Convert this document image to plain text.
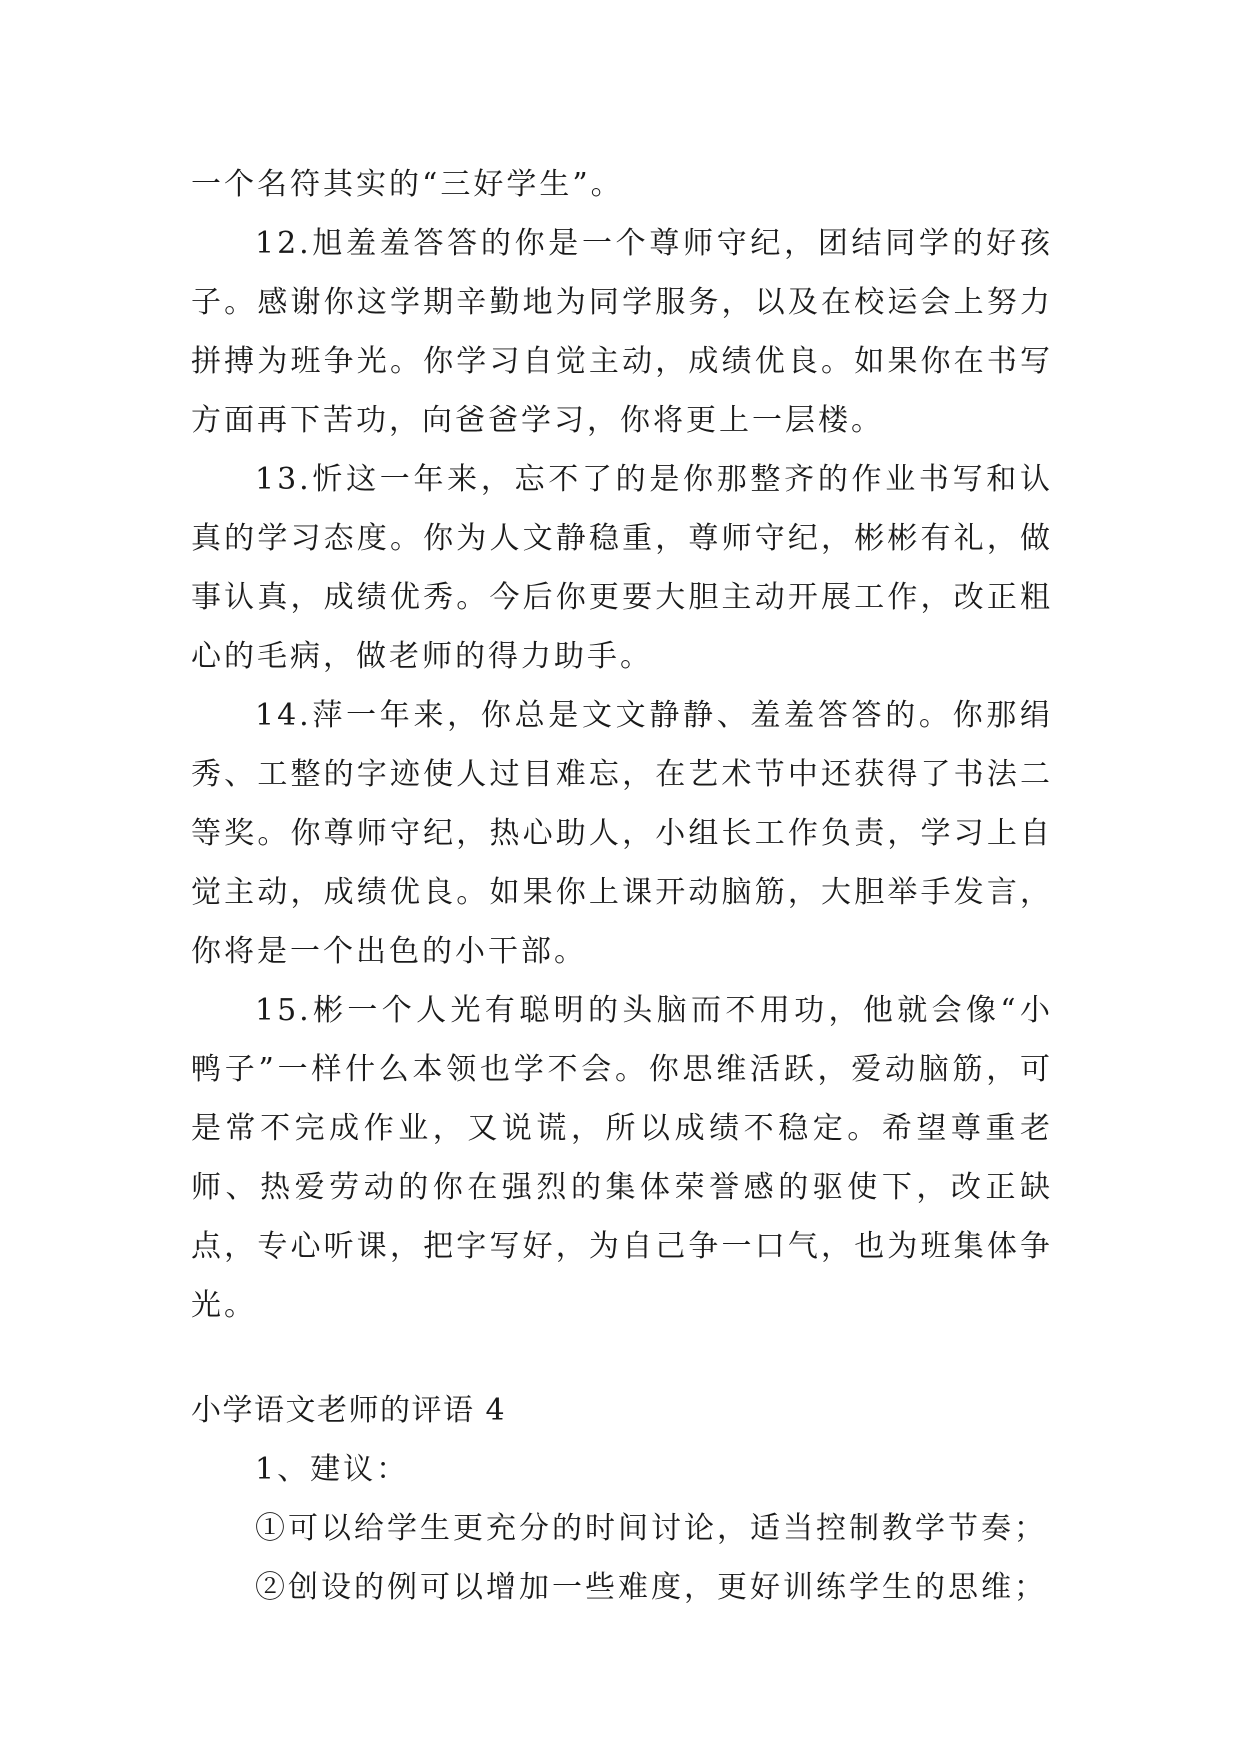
一个名符其实的“三好学生”。

12.旭羞羞答答的你是一个尊师守纪，团结同学的好孩子。感谢你这学期辛勤地为同学服务，以及在校运会上努力拼搏为班争光。你学习自觉主动，成绩优良。如果你在书写方面再下苦功，向爸爸学习，你将更上一层楼。

13.忻这一年来，忘不了的是你那整齐的作业书写和认真的学习态度。你为人文静稳重，尊师守纪，彬彬有礼，做事认真，成绩优秀。今后你更要大胆主动开展工作，改正粗心的毛病，做老师的得力助手。

14.萍一年来，你总是文文静静、羞羞答答的。你那绢秀、工整的字迹使人过目难忘，在艺术节中还获得了书法二等奖。你尊师守纪，热心助人，小组长工作负责，学习上自觉主动，成绩优良。如果你上课开动脑筋，大胆举手发言，你将是一个出色的小干部。

15.彬一个人光有聪明的头脑而不用功，他就会像“小鸭子”一样什么本领也学不会。你思维活跃，爱动脑筋，可是常不完成作业，又说谎，所以成绩不稳定。希望尊重老师、热爱劳动的你在强烈的集体荣誉感的驱使下，改正缺点，专心听课，把字写好，为自己争一口气，也为班集体争光。

小学语文老师的评语 4

1、建议：

①可以给学生更充分的时间讨论，适当控制教学节奏；

②创设的例可以增加一些难度，更好训练学生的思维；
